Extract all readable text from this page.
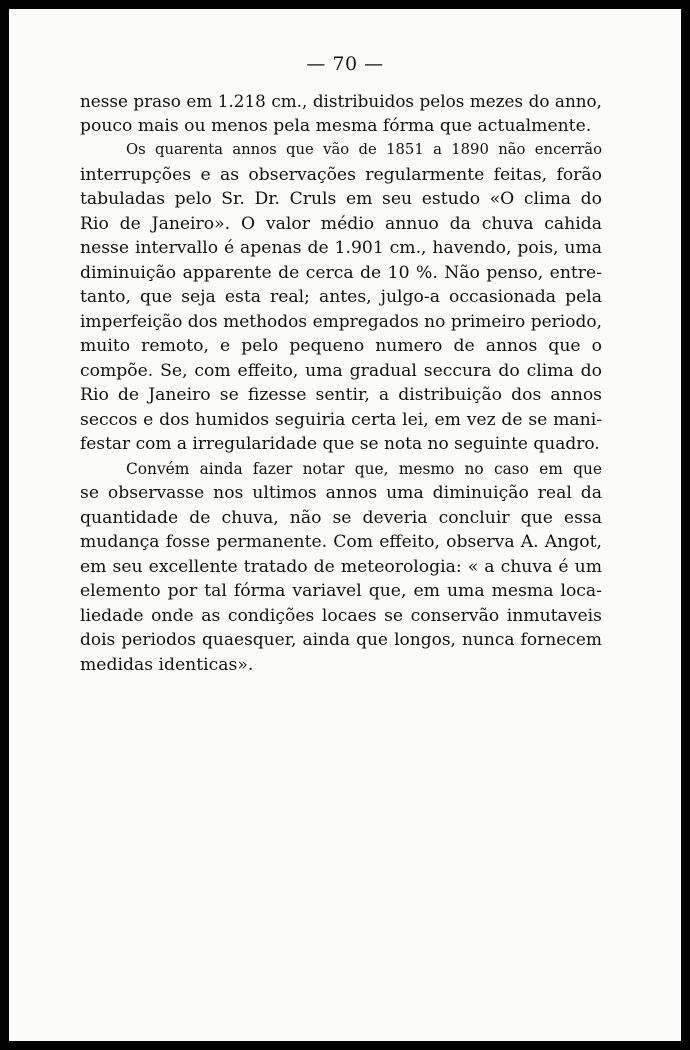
— 70 —
nesse praso em 1.218 cm., distribuidos pelos mezes do anno,
pouco mais ou menos pela mesma fórma que actualmente.
Os quarenta annos que vão de 1851 a 1890 não encerrão
interrupções e as observações regularmente feitas, forão
tabuladas pelo Sr. Dr. Cruls em seu estudo «O clima do
Rio de Janeiro». O valor médio annuo da chuva cahida
nesse intervallo é apenas de 1.901 cm., havendo, pois, uma
diminuição apparente de cerca de 10 %. Não penso, entre-
tanto, que seja esta real; antes, julgo-a occasionada pela
imperfeição dos methodos empregados no primeiro periodo,
muito remoto, e pelo pequeno numero de annos que o
compõe. Se, com effeito, uma gradual seccura do clima do
Rio de Janeiro se fizesse sentir, a distribuição dos annos
seccos e dos humidos seguiria certa lei, em vez de se mani-
festar com a irregularidade que se nota no seguinte quadro.
Convém ainda fazer notar que, mesmo no caso em que
se observasse nos ultimos annos uma diminuição real da
quantidade de chuva, não se deveria concluir que essa
mudança fosse permanente. Com effeito, observa A. Angot,
em seu excellente tratado de meteorologia: « a chuva é um
elemento por tal fórma variavel que, em uma mesma loca-
liedade onde as condições locaes se conservão inmutaveis
dois periodos quaesquer, ainda que longos, nunca fornecem
medidas identicas».
